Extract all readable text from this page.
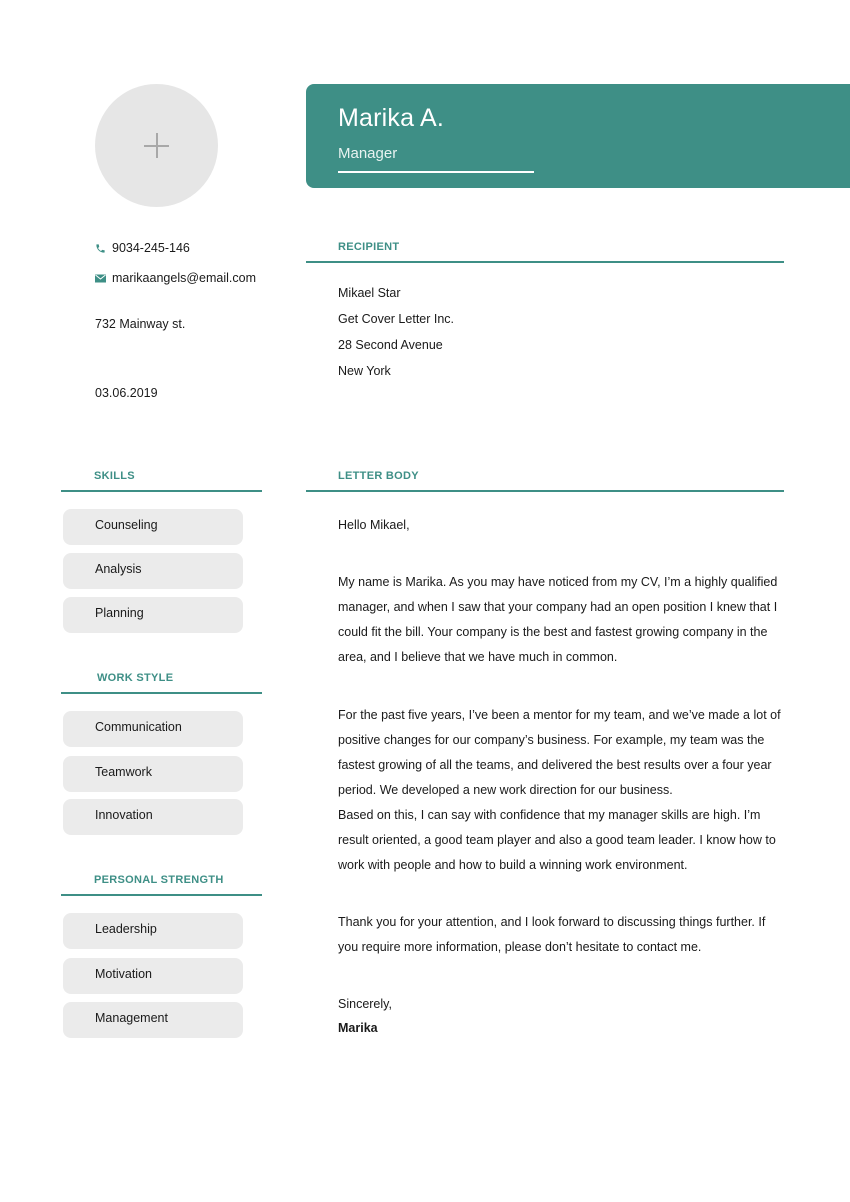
Marika A.
Manager
9034-245-146
marikaangels@email.com
732 Mainway st.
03.06.2019
SKILLS
Counseling
Analysis
Planning
WORK STYLE
Communication
Teamwork
Innovation
PERSONAL STRENGTH
Leadership
Motivation
Management
RECIPIENT
Mikael Star
Get Cover Letter Inc.
28 Second Avenue
New York
LETTER BODY
Hello Mikael,
My name is Marika. As you may have noticed from my CV, I’m a highly qualified manager, and when I saw that your company had an open position I knew that I could fit the bill. Your company is the best and fastest growing company in the area, and I believe that we have much in common.
For the past five years, I’ve been a mentor for my team, and we’ve made a lot of positive changes for our company’s business. For example, my team was the fastest growing of all the teams, and delivered the best results over a four year period. We developed a new work direction for our business.
Based on this, I can say with confidence that my manager skills are high. I’m result oriented, a good team player and also a good team leader. I know how to work with people and how to build a winning work environment.
Thank you for your attention, and I look forward to discussing things further. If you require more information, please don’t hesitate to contact me.
Sincerely,
Marika
